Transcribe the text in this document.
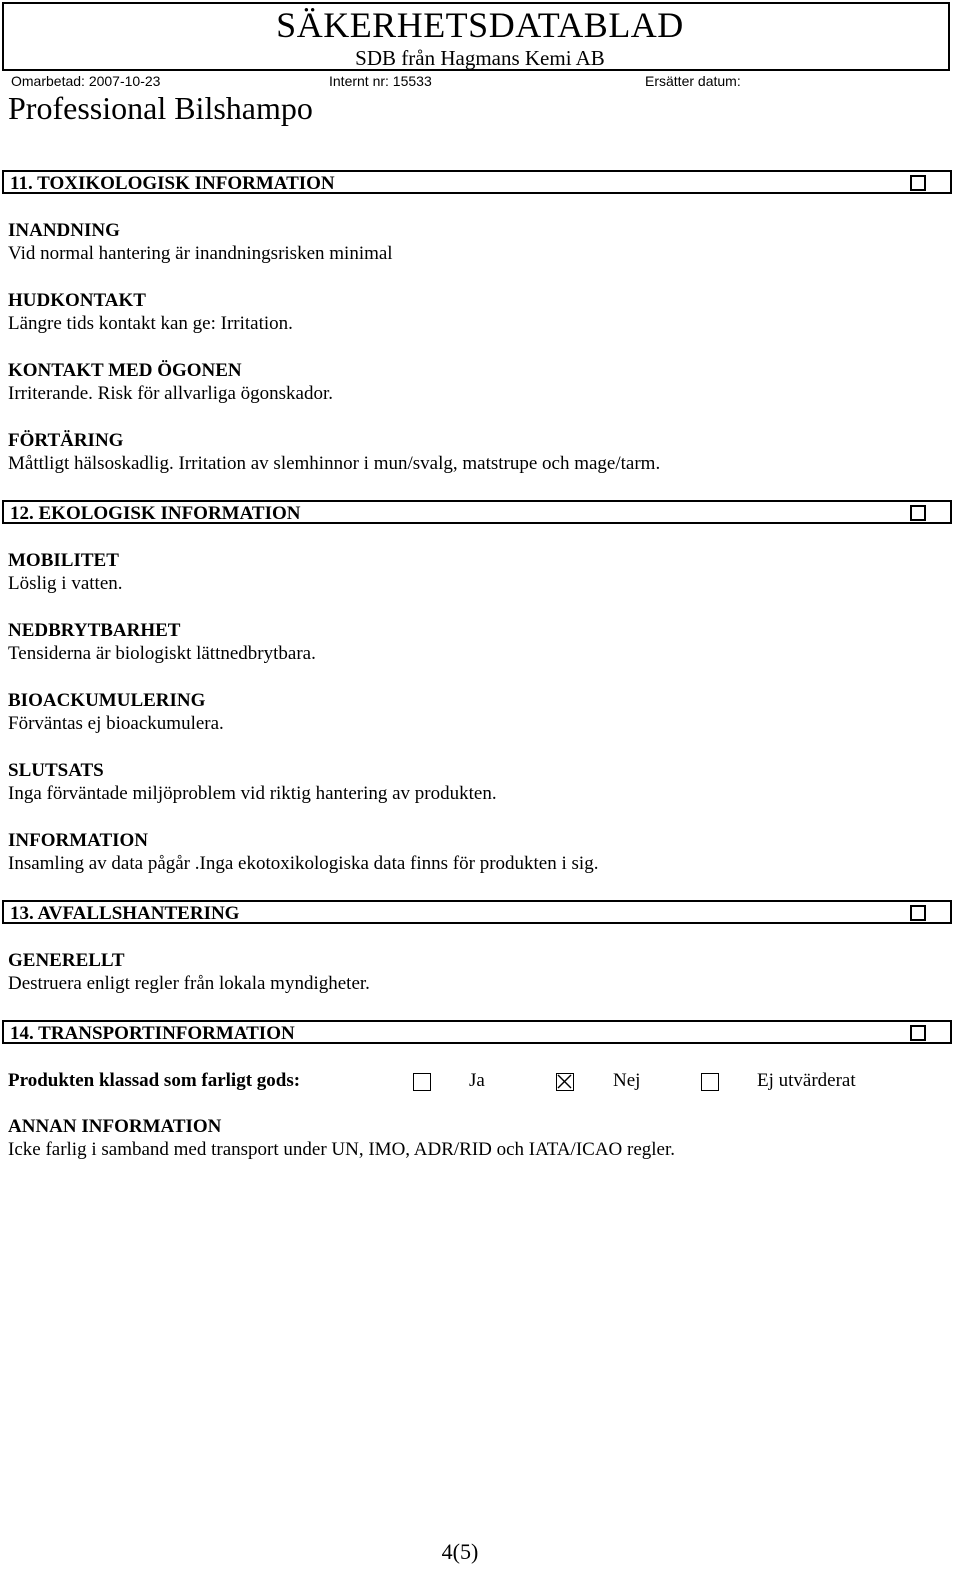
SÄKERHETSDATABLAD
SDB från Hagmans Kemi AB
Omarbetad: 2007-10-23	Internt nr: 15533	Ersätter datum:
Professional Bilshampo
11. TOXIKOLOGISK INFORMATION
INANDNING
Vid normal hantering är inandningsrisken minimal
HUDKONTAKT
Längre tids kontakt kan ge: Irritation.
KONTAKT MED ÖGONEN
Irriterande. Risk för allvarliga ögonskador.
FÖRTÄRING
Måttligt hälsoskadlig. Irritation av slemhinnor i mun/svalg, matstrupe och mage/tarm.
12. EKOLOGISK INFORMATION
MOBILITET
Löslig i vatten.
NEDBRYTBARHET
Tensiderna är biologiskt lättnedbrytbara.
BIOACKUMULERING
Förväntas ej bioackumulera.
SLUTSATS
Inga förväntade miljöproblem vid riktig hantering av produkten.
INFORMATION
Insamling av data pågår .Inga ekotoxikologiska data finns för produkten i sig.
13. AVFALLSHANTERING
GENERELLT
Destruera enligt regler från lokala myndigheter.
14. TRANSPORTINFORMATION
Produkten klassad som farligt gods:	Ja	Nej	Ej utvärderat
ANNAN INFORMATION
Icke farlig i samband med transport under UN, IMO, ADR/RID och IATA/ICAO regler.
4(5)
